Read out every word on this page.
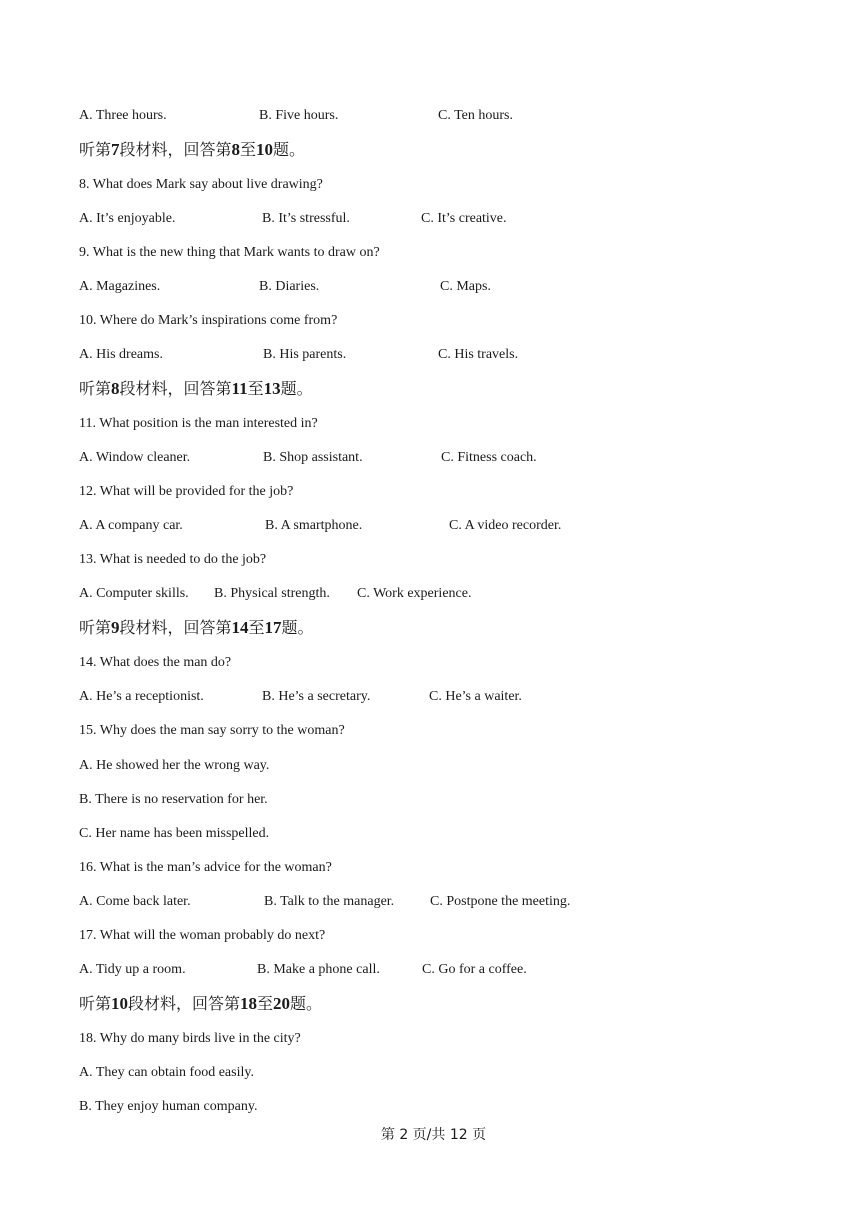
A. Three hours.	B. Five hours.	C. Ten hours.
听第7段材料，回答第8至10题。
8. What does Mark say about live drawing?
A. It’s enjoyable.	B. It’s stressful.	C. It’s creative.
9. What is the new thing that Mark wants to draw on?
A. Magazines.	B. Diaries.	C. Maps.
10. Where do Mark’s inspirations come from?
A. His dreams.	B. His parents.	C. His travels.
听第8段材料，回答第11至13题。
11. What position is the man interested in?
A. Window cleaner.	B. Shop assistant.	C. Fitness coach.
12. What will be provided for the job?
A. A company car.	B. A smartphone.	C. A video recorder.
13. What is needed to do the job?
A. Computer skills. B. Physical strength. C. Work experience.
听第9段材料，回答第14至17题。
14. What does the man do?
A. He’s a receptionist.	B. He’s a secretary.	C. He’s a waiter.
15. Why does the man say sorry to the woman?
A. He showed her the wrong way.
B. There is no reservation for her.
C. Her name has been misspelled.
16. What is the man’s advice for the woman?
A. Come back later.	B. Talk to the manager.	C. Postpone the meeting.
17. What will the woman probably do next?
A. Tidy up a room.	B. Make a phone call.	C. Go for a coffee.
听第10段材料，回答第18至20题。
18. Why do many birds live in the city?
A. They can obtain food easily.
B. They enjoy human company.
第 2 页/共 12 页
